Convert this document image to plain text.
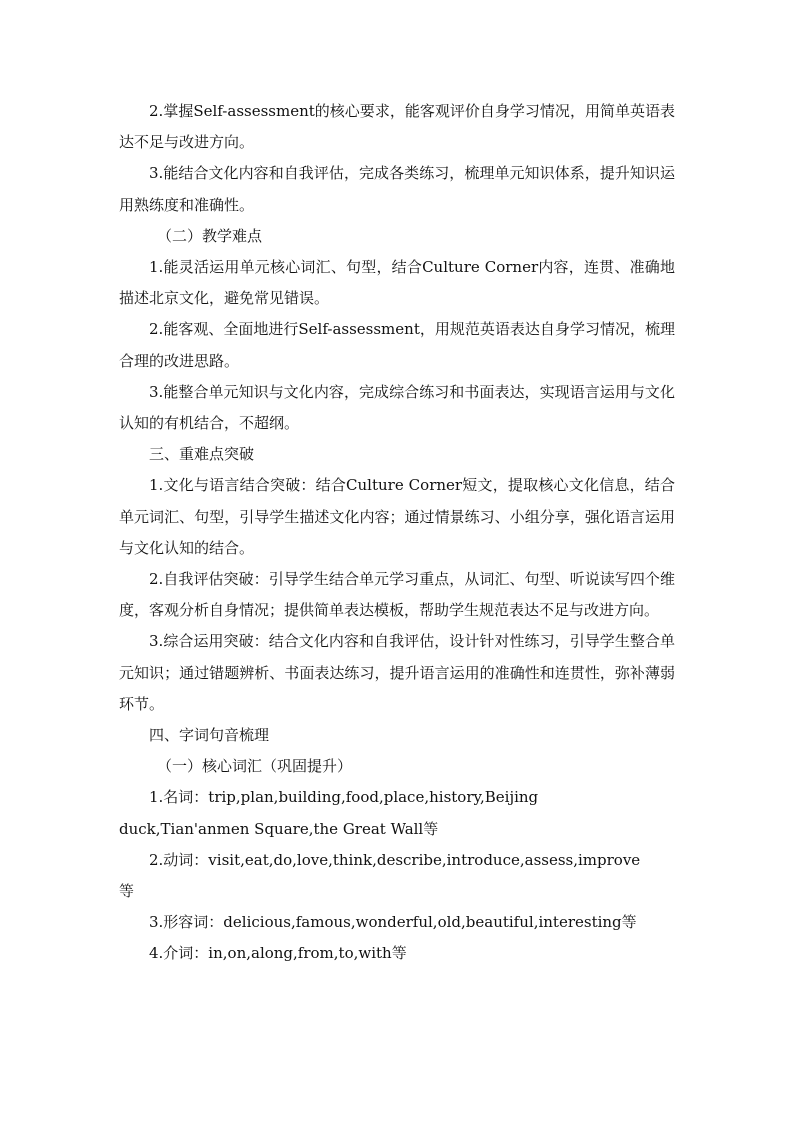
2.掌握Self-assessment的核心要求，能客观评价自身学习情况，用简单英语表达不足与改进方向。

3.能结合文化内容和自我评估，完成各类练习，梳理单元知识体系，提升知识运用熟练度和准确性。

（二）教学难点

1.能灵活运用单元核心词汇、句型，结合Culture Corner内容，连贯、准确地描述北京文化，避免常见错误。

2.能客观、全面地进行Self-assessment，用规范英语表达自身学习情况，梳理合理的改进思路。

3.能整合单元知识与文化内容，完成综合练习和书面表达，实现语言运用与文化认知的有机结合，不超纲。

三、重难点突破

1.文化与语言结合突破：结合Culture Corner短文，提取核心文化信息，结合单元词汇、句型，引导学生描述文化内容；通过情景练习、小组分享，强化语言运用与文化认知的结合。

2.自我评估突破：引导学生结合单元学习重点，从词汇、句型、听说读写四个维度，客观分析自身情况；提供简单表达模板，帮助学生规范表达不足与改进方向。

3.综合运用突破：结合文化内容和自我评估，设计针对性练习，引导学生整合单元知识；通过错题辨析、书面表达练习，提升语言运用的准确性和连贯性，弥补薄弱环节。

四、字词句音梳理

（一）核心词汇（巩固提升）

1.名词：trip,plan,building,food,place,history,Beijing
duck,Tian'anmen Square,the Great Wall等

2.动词：visit,eat,do,love,think,describe,introduce,assess,improve
等

3.形容词：delicious,famous,wonderful,old,beautiful,interesting等

4.介词：in,on,along,from,to,with等
